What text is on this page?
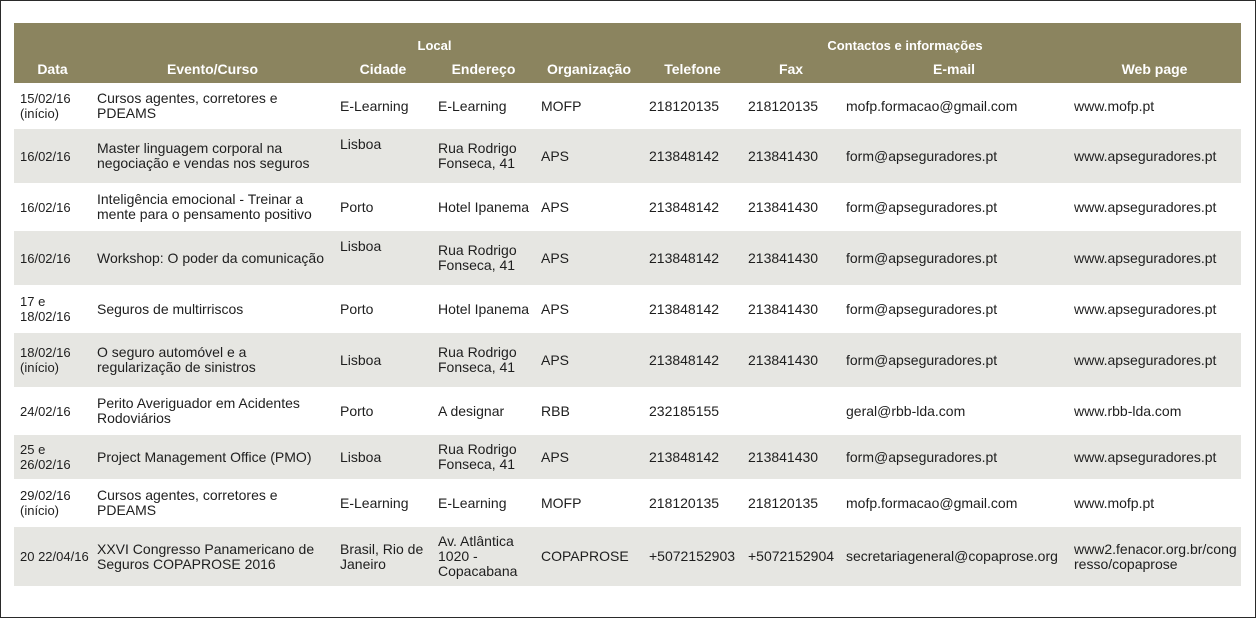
		Local				Contactos e informações		
Data	Evento/Curso	Cidade	Endereço	Organização	Telefone	Fax	E-mail	Web page
15/02/16 (início)	Cursos agentes, corretores e PDEAMS	E-Learning	E-Learning	MOFP	218120135	218120135	mofp.formacao@gmail.com	www.mofp.pt
16/02/16	Master linguagem corporal na negociação e vendas nos seguros	Lisboa	Rua Rodrigo Fonseca, 41	APS	213848142	213841430	form@apseguradores.pt	www.apseguradores.pt
16/02/16	Inteligência emocional - Treinar a mente para o pensamento positivo	Porto	Hotel Ipanema	APS	213848142	213841430	form@apseguradores.pt	www.apseguradores.pt
16/02/16	Workshop: O poder da comunicação	Lisboa	Rua Rodrigo Fonseca, 41	APS	213848142	213841430	form@apseguradores.pt	www.apseguradores.pt
17 e 18/02/16	Seguros de multirriscos	Porto	Hotel Ipanema	APS	213848142	213841430	form@apseguradores.pt	www.apseguradores.pt
18/02/16 (início)	O seguro automóvel e a regularização de sinistros	Lisboa	Rua Rodrigo Fonseca, 41	APS	213848142	213841430	form@apseguradores.pt	www.apseguradores.pt
24/02/16	Perito Averiguador em Acidentes Rodoviários	Porto	A designar	RBB	232185155		geral@rbb-lda.com	www.rbb-lda.com
25 e 26/02/16	Project Management Office (PMO)	Lisboa	Rua Rodrigo Fonseca, 41	APS	213848142	213841430	form@apseguradores.pt	www.apseguradores.pt
29/02/16 (início)	Cursos agentes, corretores e PDEAMS	E-Learning	E-Learning	MOFP	218120135	218120135	mofp.formacao@gmail.com	www.mofp.pt
20 22/04/16	XXVI Congresso Panamericano de Seguros COPAPROSE 2016	Brasil, Rio de Janeiro	Av. Atlântica 1020 - Copacabana	COPAPROSE	+5072152903	+5072152904	secretariageneral@copaprose.org	www2.fenacor.org.br/congresso/copaprose
